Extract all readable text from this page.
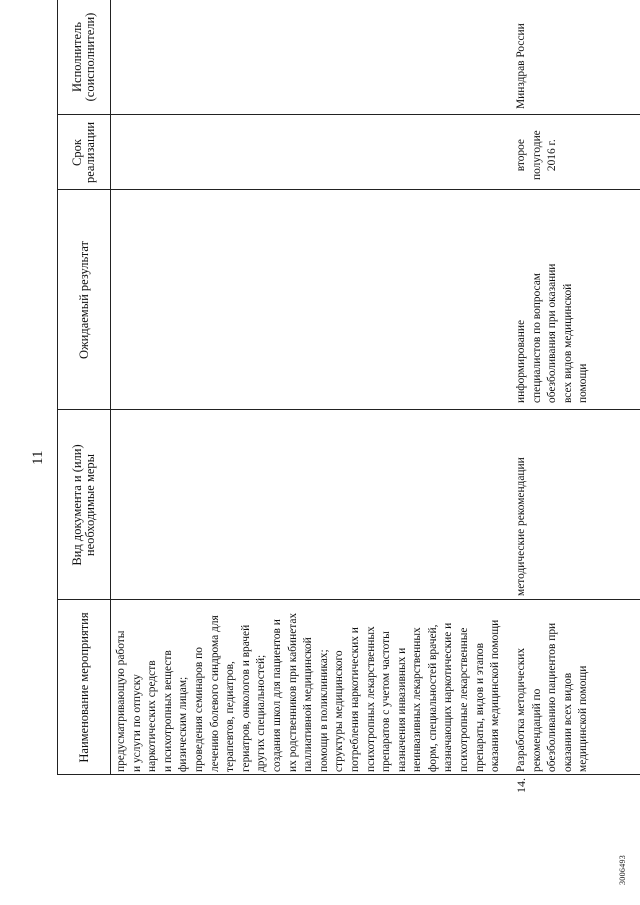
11
3006493
Наименование мероприятия
Вид документа и (или) необходимые меры
Ожидаемый результат
Срок реализации
Исполнитель (соисполнители)
предусматривающую работы и услуги по отпуску наркотических средств и психотропных веществ физическим лицам; проведения семинаров по лечению болевого синдрома для терапевтов, педиатров, гериатров, онкологов и врачей других специальностей; создания школ для пациентов и их родственников при кабинетах паллиативной медицинской помощи в поликлиниках; структуры медицинского потребления наркотических и психотропных лекарственных препаратов с учетом частоты назначения инвазивных и неинвазивных лекарственных форм, специальностей врачей, назначающих наркотические и психотропные лекарственные препараты, видов и этапов оказания медицинской помощи
14.
Разработка методических рекомендаций по обезболиванию пациентов при оказании всех видов медицинской помощи
методические рекомендации
информирование специалистов по вопросам обезболивания при оказании всех видов медицинской помощи
второе полугодие 2016 г.
Минздрав России
